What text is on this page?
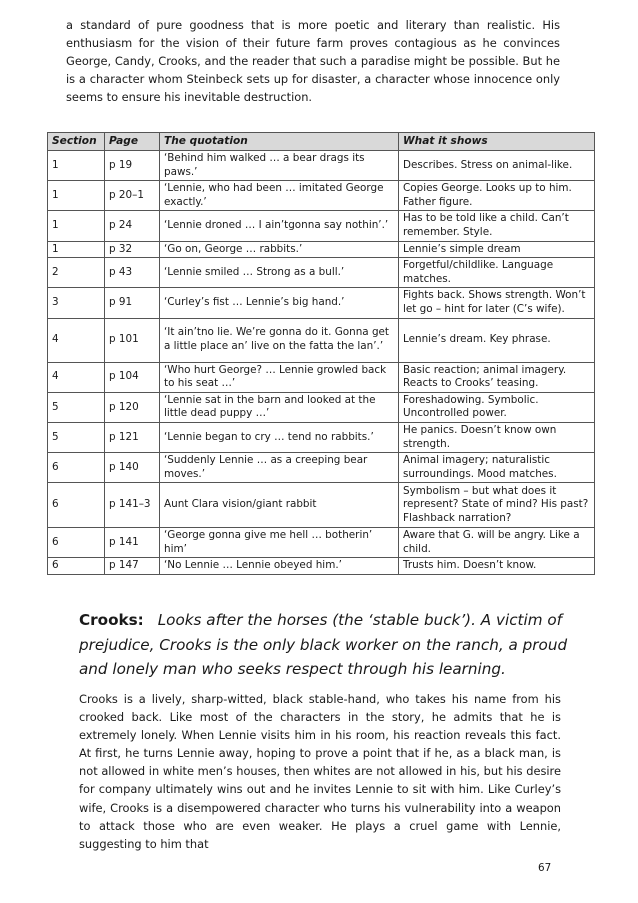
a standard of pure goodness that is more poetic and literary than realistic. His enthusiasm for the vision of their future farm proves contagious as he convinces George, Candy, Crooks, and the reader that such a paradise might be possible. But he is a character whom Steinbeck sets up for disaster, a character whose innocence only seems to ensure his inevitable destruction.

Section	Page	The quotation	What it shows
1	p 19	‘Behind him walked … a bear drags its paws.’	Describes. Stress on animal-like.
1	p 20–1	‘Lennie, who had been … imitated George exactly.’	Copies George. Looks up to him. Father figure.
1	p 24	‘Lennie droned … I ain’tgonna say nothin’.’	Has to be told like a child. Can’t remember. Style.
1	p 32	‘Go on, George … rabbits.’	Lennie’s simple dream
2	p 43	‘Lennie smiled … Strong as a bull.’	Forgetful/childlike. Language matches.
3	p 91	‘Curley’s fist … Lennie’s big hand.’	Fights back. Shows strength. Won’t let go – hint for later (C’s wife).
4	p 101	‘It ain’tno lie. We’re gonna do it. Gonna get a little place an’ live on the fatta the lan’.’	Lennie’s dream. Key phrase.
4	p 104	‘Who hurt George? … Lennie growled back to his seat …’	Basic reaction; animal imagery. Reacts to Crooks’ teasing.
5	p 120	‘Lennie sat in the barn and looked at the little dead puppy …’	Foreshadowing. Symbolic. Uncontrolled power.
5	p 121	‘Lennie began to cry … tend no rabbits.’	He panics. Doesn’t know own strength.
6	p 140	‘Suddenly Lennie … as a creeping bear moves.’	Animal imagery; naturalistic surroundings. Mood matches.
6	p 141–3	Aunt Clara vision/giant rabbit	Symbolism – but what does it represent? State of mind? His past? Flashback narration?
6	p 141	‘George gonna give me hell … botherin’ him’	Aware that G. will be angry. Like a child.
6	p 147	‘No Lennie … Lennie obeyed him.’	Trusts him. Doesn’t know.

Crooks: Looks after the horses (the ‘stable buck’). A victim of prejudice, Crooks is the only black worker on the ranch, a proud and lonely man who seeks respect through his learning.

Crooks is a lively, sharp-witted, black stable-hand, who takes his name from his crooked back. Like most of the characters in the story, he admits that he is extremely lonely. When Lennie visits him in his room, his reaction reveals this fact. At first, he turns Lennie away, hoping to prove a point that if he, as a black man, is not allowed in white men’s houses, then whites are not allowed in his, but his desire for company ultimately wins out and he invites Lennie to sit with him. Like Curley’s wife, Crooks is a disempowered character who turns his vulnerability into a weapon to attack those who are even weaker. He plays a cruel game with Lennie, suggesting to him that

67
